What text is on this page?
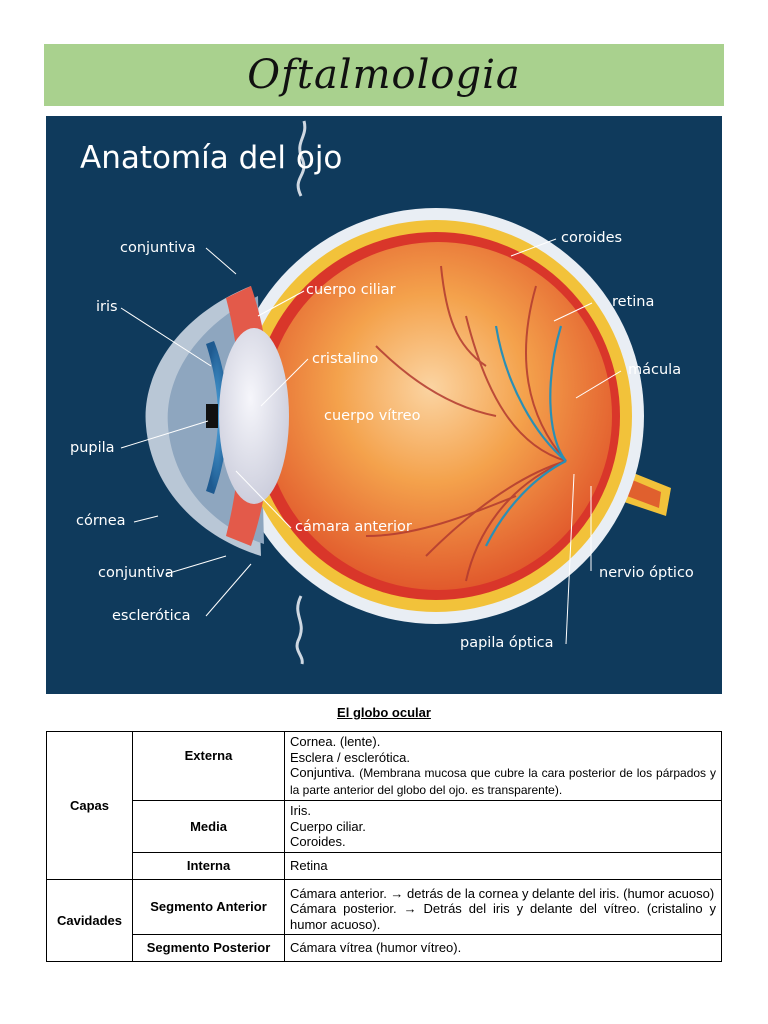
Oftalmologia
Anatomía del ojo
conjuntiva
iris
pupila
córnea
conjuntiva
esclerótica
cuerpo ciliar
cristalino
cuerpo vítreo
cámara anterior
coroides
retina
mácula
nervio óptico
papila óptica
El globo ocular
Capas	Externa	Cornea. (lente).
Esclera / esclerótica.
Conjuntiva. (Membrana mucosa que cubre la cara posterior de los párpados y la parte anterior del globo del ojo. es transparente).

	Media	Iris.
Cuerpo ciliar.
Coroides.

	Interna	Retina
Cavidades	Segmento Anterior	Cámara anterior. → detrás de la cornea y delante del iris. (humor acuoso)
Cámara posterior. → Detrás del iris y delante del vítreo. (cristalino y humor acuoso).

	Segmento Posterior	Cámara vítrea (humor vítreo).
